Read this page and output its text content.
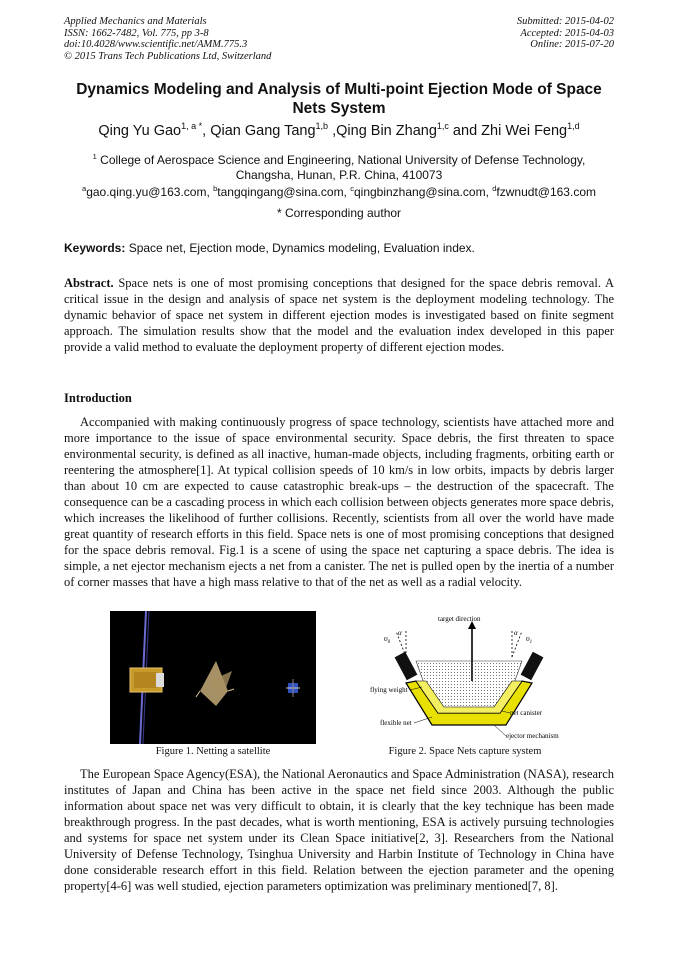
Applied Mechanics and Materials
ISSN: 1662-7482, Vol. 775, pp 3-8
doi:10.4028/www.scientific.net/AMM.775.3
© 2015 Trans Tech Publications Ltd, Switzerland
Submitted: 2015-04-02
Accepted: 2015-04-03
Online: 2015-07-20
Dynamics Modeling and Analysis of Multi-point Ejection Mode of Space Nets System
Qing Yu Gao$^{1, a *}$, Qian Gang Tang$^{1,b}$ ,Qing Bin Zhang$^{1,c}$ and Zhi Wei Feng$^{1,d}$
$^1$ College of Aerospace Science and Engineering, National University of Defense Technology, Changsha, Hunan, P.R. China, 410073
$^a$gao.qing.yu@163.com, $^b$tangqingang@sina.com, $^c$qingbinzhang@sina.com, $^d$fzwnudt@163.com
* Corresponding author
Keywords: Space net, Ejection mode, Dynamics modeling, Evaluation index.
Abstract. Space nets is one of most promising conceptions that designed for the space debris removal. A critical issue in the design and analysis of space net system is the deployment modeling technology. The dynamic behavior of space net system in different ejection modes is investigated based on finite segment approach. The simulation results show that the model and the evaluation index developed in this paper provide a valid method to evaluate the deployment property of different ejection modes.
Introduction
Accompanied with making continuously progress of space technology, scientists have attached more and more importance to the issue of space environmental security. Space debris, the first threaten to space environmental security, is defined as all inactive, human-made objects, including fragments, orbiting earth or reentering the atmosphere[1]. At typical collision speeds of 10 km/s in low orbits, impacts by debris larger than about 10 cm are expected to cause catastrophic break-ups – the destruction of the spacecraft. The consequence can be a cascading process in which each collision between objects generates more space debris, which increases the likelihood of further collisions. Recently, scientists from all over the world have made great quantity of research efforts in this field. Space nets is one of most promising conceptions that designed for the space debris removal. Fig.1 is a scene of using the space net capturing a space debris. The idea is simple, a net ejector mechanism ejects a net from a canister. The net is pulled open by the inertia of a number of corner masses that have a high mass relative to that of the net as well as a radial velocity.
target direction
$\upsilon_0$
α
$\upsilon_1$
α
flying weight
flexible net
net canister
ejector mechanism
Figure 1. Netting a satellite	Figure 2. Space Nets capture system
The European Space Agency(ESA), the National Aeronautics and Space Administration (NASA), research institutes of Japan and China has been active in the space net field since 2003. Although the public information about space net was very difficult to obtain, it is clearly that the key technique has been made breakthrough progress. In the past decades, what is worth mentioning, ESA is actively pursuing technologies and systems for space net system under its Clean Space initiative[2, 3]. Researchers from the National University of Defense Technology, Tsinghua University and Harbin Institute of Technology in China have done considerable research effort in this field. Relation between the ejection parameter and the opening property[4-6] was well studied, ejection parameters optimization was preliminary mentioned[7, 8].
